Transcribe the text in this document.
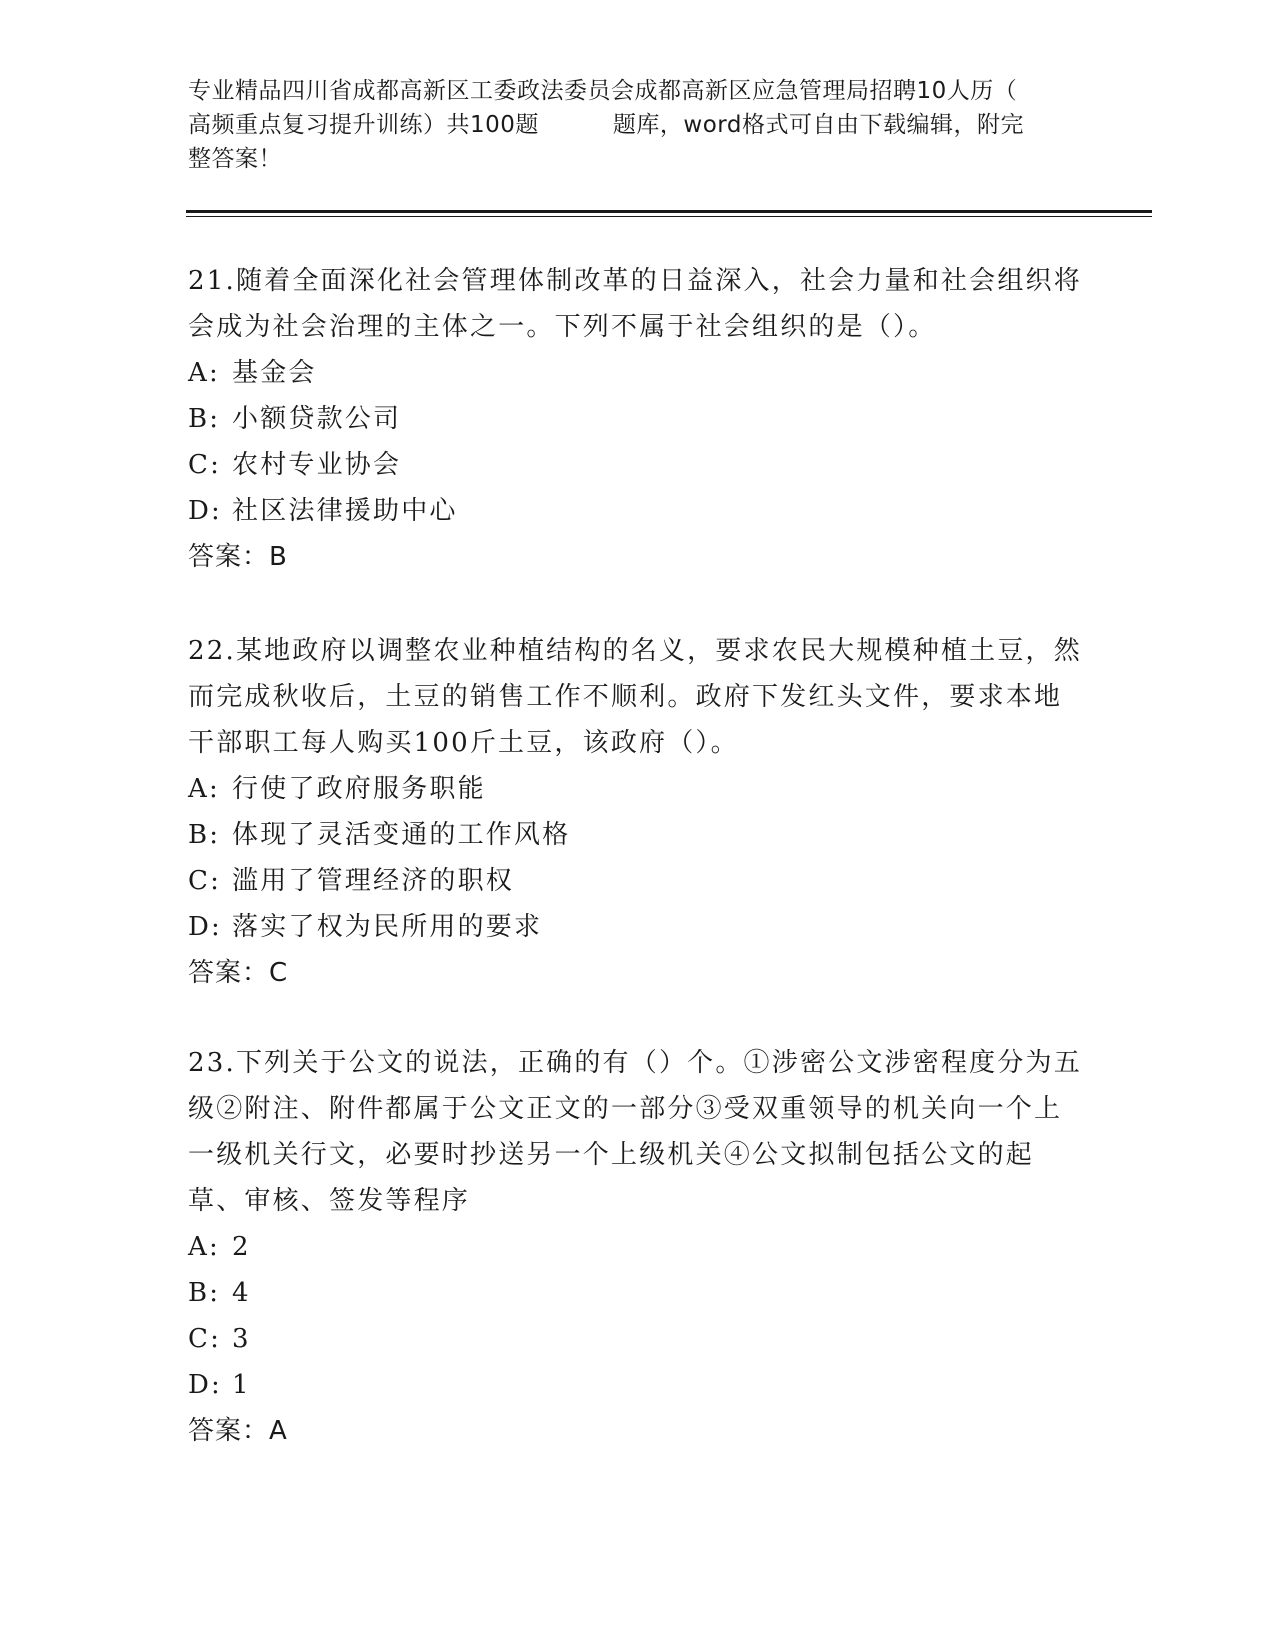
专业精品四川省成都高新区工委政法委员会成都高新区应急管理局招聘10人历（
高频重点复习提升训练）共100题	题库，word格式可自由下载编辑，附完
整答案！
21.随着全面深化社会管理体制改革的日益深入，社会力量和社会组织将会成为社会治理的主体之一。下列不属于社会组织的是（）。
A: 基金会
B: 小额贷款公司
C: 农村专业协会
D: 社区法律援助中心
答案：B
22.某地政府以调整农业种植结构的名义，要求农民大规模种植土豆，然而完成秋收后，土豆的销售工作不顺利。政府下发红头文件，要求本地干部职工每人购买100斤土豆，该政府（）。
A: 行使了政府服务职能
B: 体现了灵活变通的工作风格
C: 滥用了管理经济的职权
D: 落实了权为民所用的要求
答案：C
23.下列关于公文的说法，正确的有（）个。①涉密公文涉密程度分为五级②附注、附件都属于公文正文的一部分③受双重领导的机关向一个上一级机关行文，必要时抄送另一个上级机关④公文拟制包括公文的起草、审核、签发等程序
A: 2
B: 4
C: 3
D: 1
答案：A
